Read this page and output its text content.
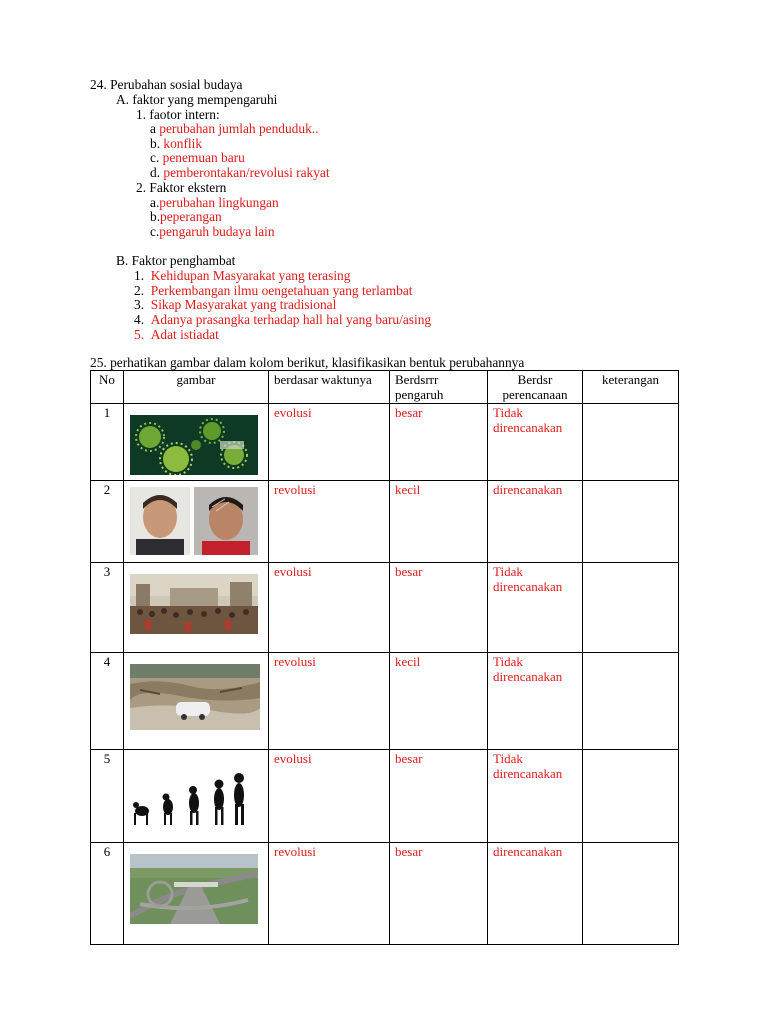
24. Perubahan sosial budaya
A. faktor yang mempengaruhi
1. faotor intern:
a perubahan jumlah penduduk..
b. konflik
c. penemuan baru
d. pemberontakan/revolusi rakyat
2. Faktor ekstern
a.perubahan lingkungan
b.peperangan
c.pengaruh budaya lain
B. Faktor penghambat
1. Kehidupan Masyarakat yang terasing
2. Perkembangan ilmu oengetahuan yang terlambat
3. Sikap Masyarakat yang tradisional
4. Adanya prasangka terhadap hall hal yang baru/asing
5. Adat istiadat
25. perhatikan gambar dalam kolom berikut, klasifikasikan bentuk perubahannya
No	gambar	berdasar waktunya	Berdsrrr pengaruh	Berdsr perencanaan	keterangan
1		evolusi	besar	Tidak direncanakan	
2		revolusi	kecil	direncanakan	
3		evolusi	besar	Tidak direncanakan	
4		revolusi	kecil	Tidak direncanakan	
5		evolusi	besar	Tidak direncanakan	
6		revolusi	besar	direncanakan	
